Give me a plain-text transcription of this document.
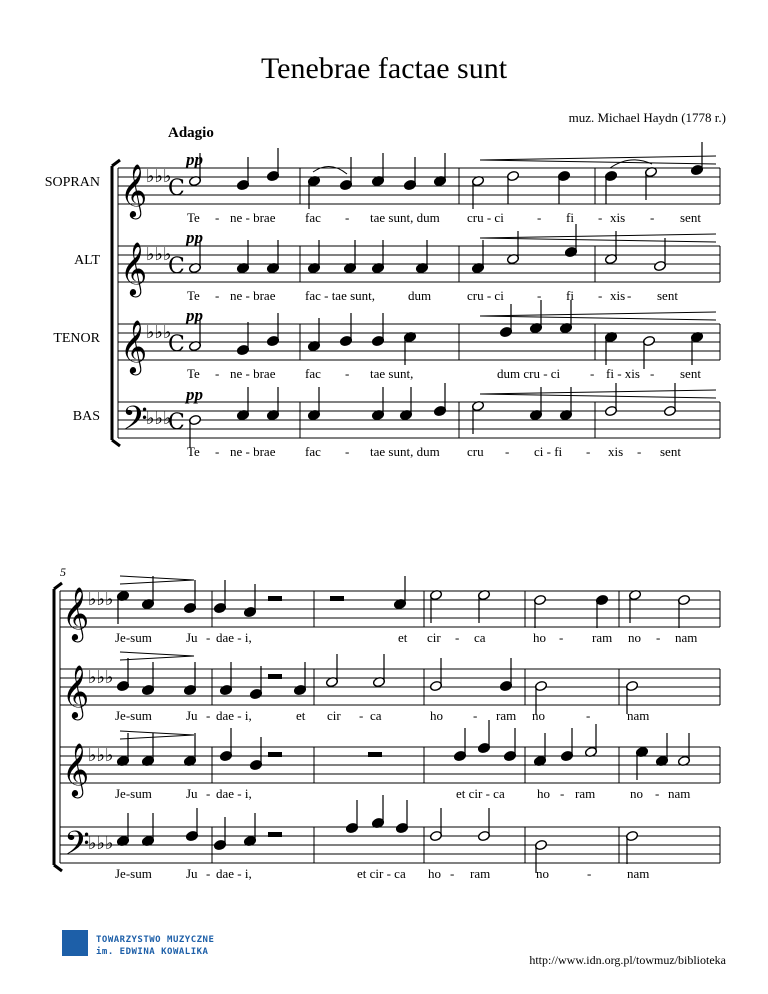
Tenebrae factae sunt
muz. Michael Haydn (1778 r.)
Adagio
SOPRAN
ALT
TENOR
BAS
pp
pp
pp
pp
5
𝄞
♭♭♭
C
𝄞
♭♭♭
C
𝄞
♭♭♭
C
𝄢
♭♭♭
C
𝄞
♭♭♭
𝄞
♭♭♭
𝄞
♭♭♭
𝄢
♭♭♭
Te - ne - brae fac - tae sunt, dum cru - ci	- fi - xis - sent
Te - ne - brae fac - tae sunt,	dum	cru - ci	- fi - xis - sent
Te - ne - brae fac - tae sunt,	dum cru - ci - fi - xis - sent
Te - ne - brae fac - tae sunt, dum cru - ci - fi - xis - sent
Je-sum	Ju - dae - i,	et cir - ca	ho - ram no - nam
Je-sum	Ju - dae - i,	et cir - ca	ho - ram no	-	nam
Je-sum	Ju - dae - i,	et cir - ca ho - ram	no - nam
Je-sum	Ju - dae - i,	et cir - ca ho - ram	no	-	nam
TOWARZYSTWO MUZYCZNE
im. EDWINA KOWALIKA
http://www.idn.org.pl/towmuz/biblioteka
